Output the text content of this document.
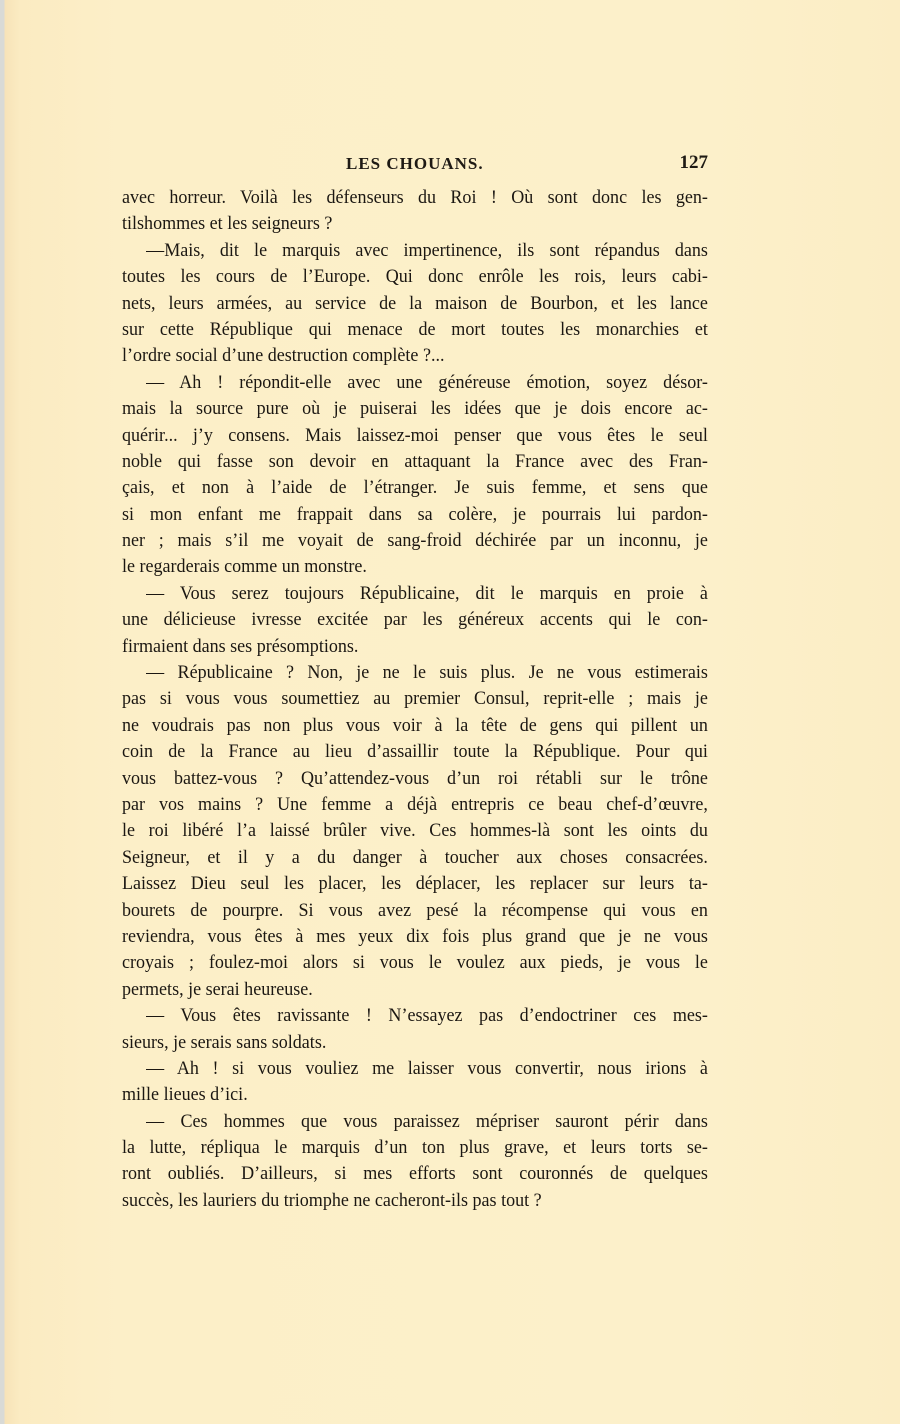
LES CHOUANS.	127
avec horreur. Voilà les défenseurs du Roi ! Où sont donc les gen-
tilshommes et les seigneurs ?
—Mais, dit le marquis avec impertinence, ils sont répandus dans
toutes les cours de l’Europe. Qui donc enrôle les rois, leurs cabi-
nets, leurs armées, au service de la maison de Bourbon, et les lance
sur cette République qui menace de mort toutes les monarchies et
l’ordre social d’une destruction complète ?...
— Ah ! répondit-elle avec une généreuse émotion, soyez désor-
mais la source pure où je puiserai les idées que je dois encore ac-
quérir... j’y consens. Mais laissez-moi penser que vous êtes le seul
noble qui fasse son devoir en attaquant la France avec des Fran-
çais, et non à l’aide de l’étranger. Je suis femme, et sens que
si mon enfant me frappait dans sa colère, je pourrais lui pardon-
ner ; mais s’il me voyait de sang-froid déchirée par un inconnu, je
le regarderais comme un monstre.
— Vous serez toujours Républicaine, dit le marquis en proie à
une délicieuse ivresse excitée par les généreux accents qui le con-
firmaient dans ses présomptions.
— Républicaine ? Non, je ne le suis plus. Je ne vous estimerais
pas si vous vous soumettiez au premier Consul, reprit-elle ; mais je
ne voudrais pas non plus vous voir à la tête de gens qui pillent un
coin de la France au lieu d’assaillir toute la République. Pour qui
vous battez-vous ? Qu’attendez-vous d’un roi rétabli sur le trône
par vos mains ? Une femme a déjà entrepris ce beau chef-d’œuvre,
le roi libéré l’a laissé brûler vive. Ces hommes-là sont les oints du
Seigneur, et il y a du danger à toucher aux choses consacrées.
Laissez Dieu seul les placer, les déplacer, les replacer sur leurs ta-
bourets de pourpre. Si vous avez pesé la récompense qui vous en
reviendra, vous êtes à mes yeux dix fois plus grand que je ne vous
croyais ; foulez-moi alors si vous le voulez aux pieds, je vous le
permets, je serai heureuse.
— Vous êtes ravissante ! N’essayez pas d’endoctriner ces mes-
sieurs, je serais sans soldats.
— Ah ! si vous vouliez me laisser vous convertir, nous irions à
mille lieues d’ici.
— Ces hommes que vous paraissez mépriser sauront périr dans
la lutte, répliqua le marquis d’un ton plus grave, et leurs torts se-
ront oubliés. D’ailleurs, si mes efforts sont couronnés de quelques
succès, les lauriers du triomphe ne cacheront-ils pas tout ?
